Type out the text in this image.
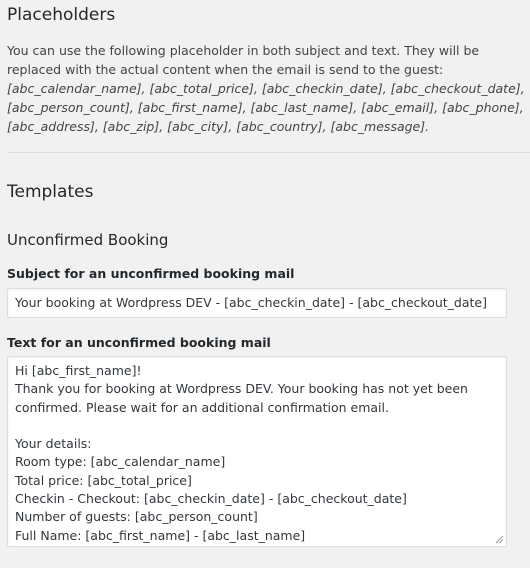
Placeholders

You can use the following placeholder in both subject and text. They will be replaced with the actual content when the email is send to the guest:

[abc_calendar_name], [abc_total_price], [abc_checkin_date], [abc_checkout_date],

[abc_person_count], [abc_first_name], [abc_last_name], [abc_email], [abc_phone],

[abc_address], [abc_zip], [abc_city], [abc_country], [abc_message].

Templates
Unconfirmed Booking
Subject for an unconfirmed booking mail
Your booking at Wordpress DEV - [abc_checkin_date] - [abc_checkout_date]
Text for an unconfirmed booking mail
Hi [abc_first_name]!
Thank you for booking at Wordpress DEV. Your booking has not yet been
confirmed. Please wait for an additional confirmation email.

Your details:
Room type: [abc_calendar_name]
Total price: [abc_total_price]
Checkin - Checkout: [abc_checkin_date] - [abc_checkout_date]
Number of guests: [abc_person_count]
Full Name: [abc_first_name] - [abc_last_name]
